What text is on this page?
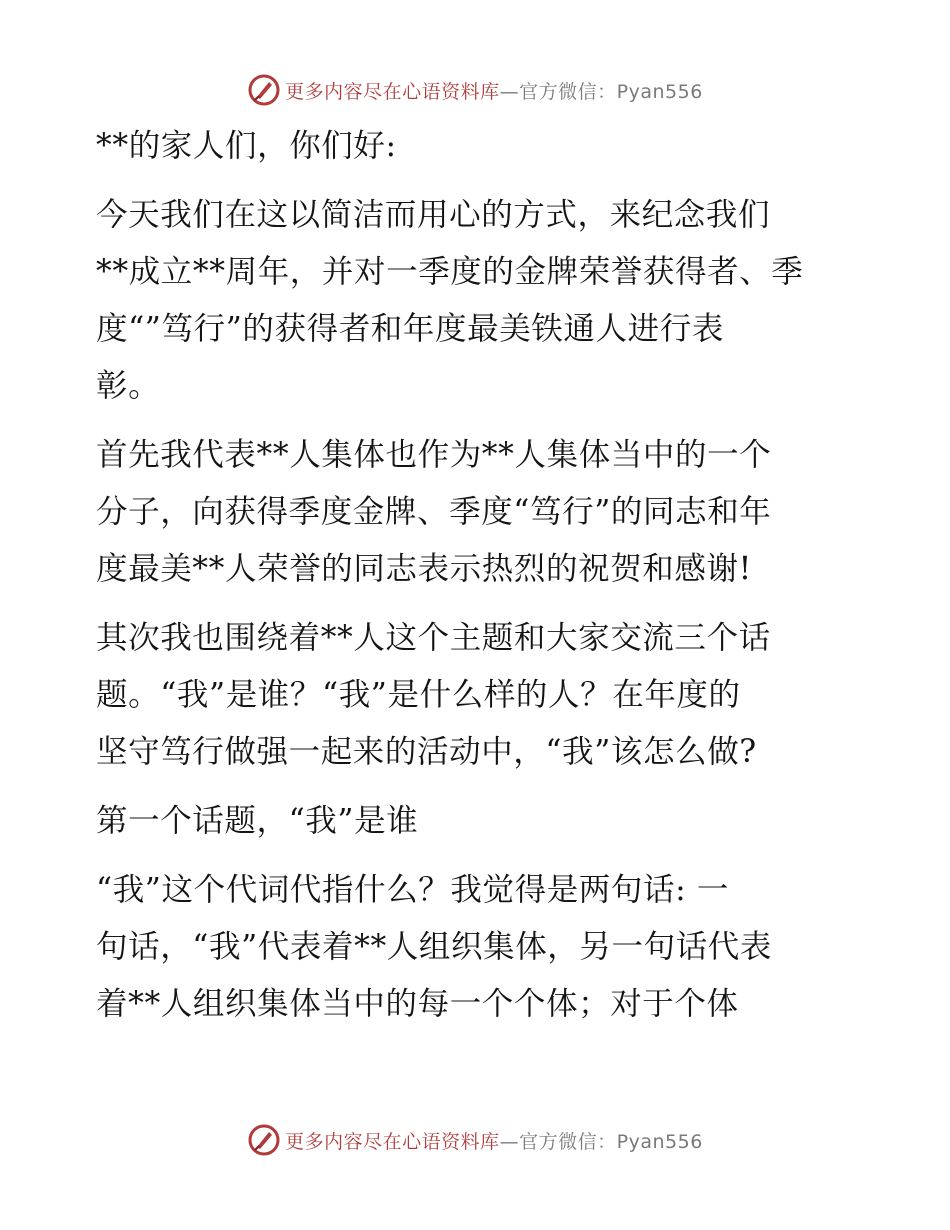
更多内容尽在心语资料库—官方微信：Pyan556

**的家人们，你们好:

今天我们在这以简洁而用心的方式，来纪念我们
**成立**周年，并对一季度的金牌荣誉获得者、季
度“”笃行”的获得者和年度最美铁通人进行表
彰。

首先我代表**人集体也作为**人集体当中的一个
分子，向获得季度金牌、季度“笃行”的同志和年
度最美**人荣誉的同志表示热烈的祝贺和感谢!

其次我也围绕着**人这个主题和大家交流三个话
题。“我”是谁？“我”是什么样的人？在年度的
坚守笃行做强一起来的活动中，“我”该怎么做?

第一个话题，“我”是谁

“我”这个代词代指什么？我觉得是两句话: 一
句话，“我”代表着**人组织集体，另一句话代表
着**人组织集体当中的每一个个体；对于个体

更多内容尽在心语资料库—官方微信：Pyan556
